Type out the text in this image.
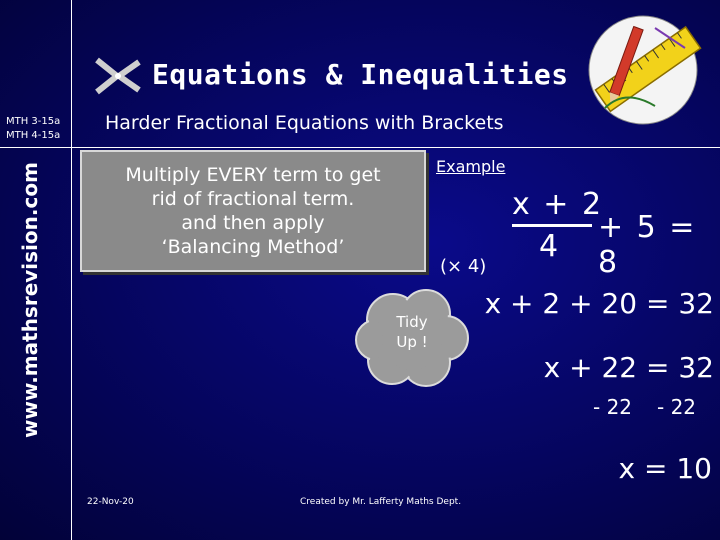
MTH 3-15a
MTH 4-15a
www.mathsrevision.com
Equations & Inequalities
Harder Fractional Equations with Brackets
Multiply EVERY term to get
rid of fractional term.
and then apply
‘Balancing Method’
Example
x + 2
4
+ 5 = 8
(× 4)
Tidy
Up !
x + 2 + 20 = 32
x + 22 = 32
- 22 - 22
x = 10
22-Nov-20	Created by Mr. Lafferty Maths Dept.
